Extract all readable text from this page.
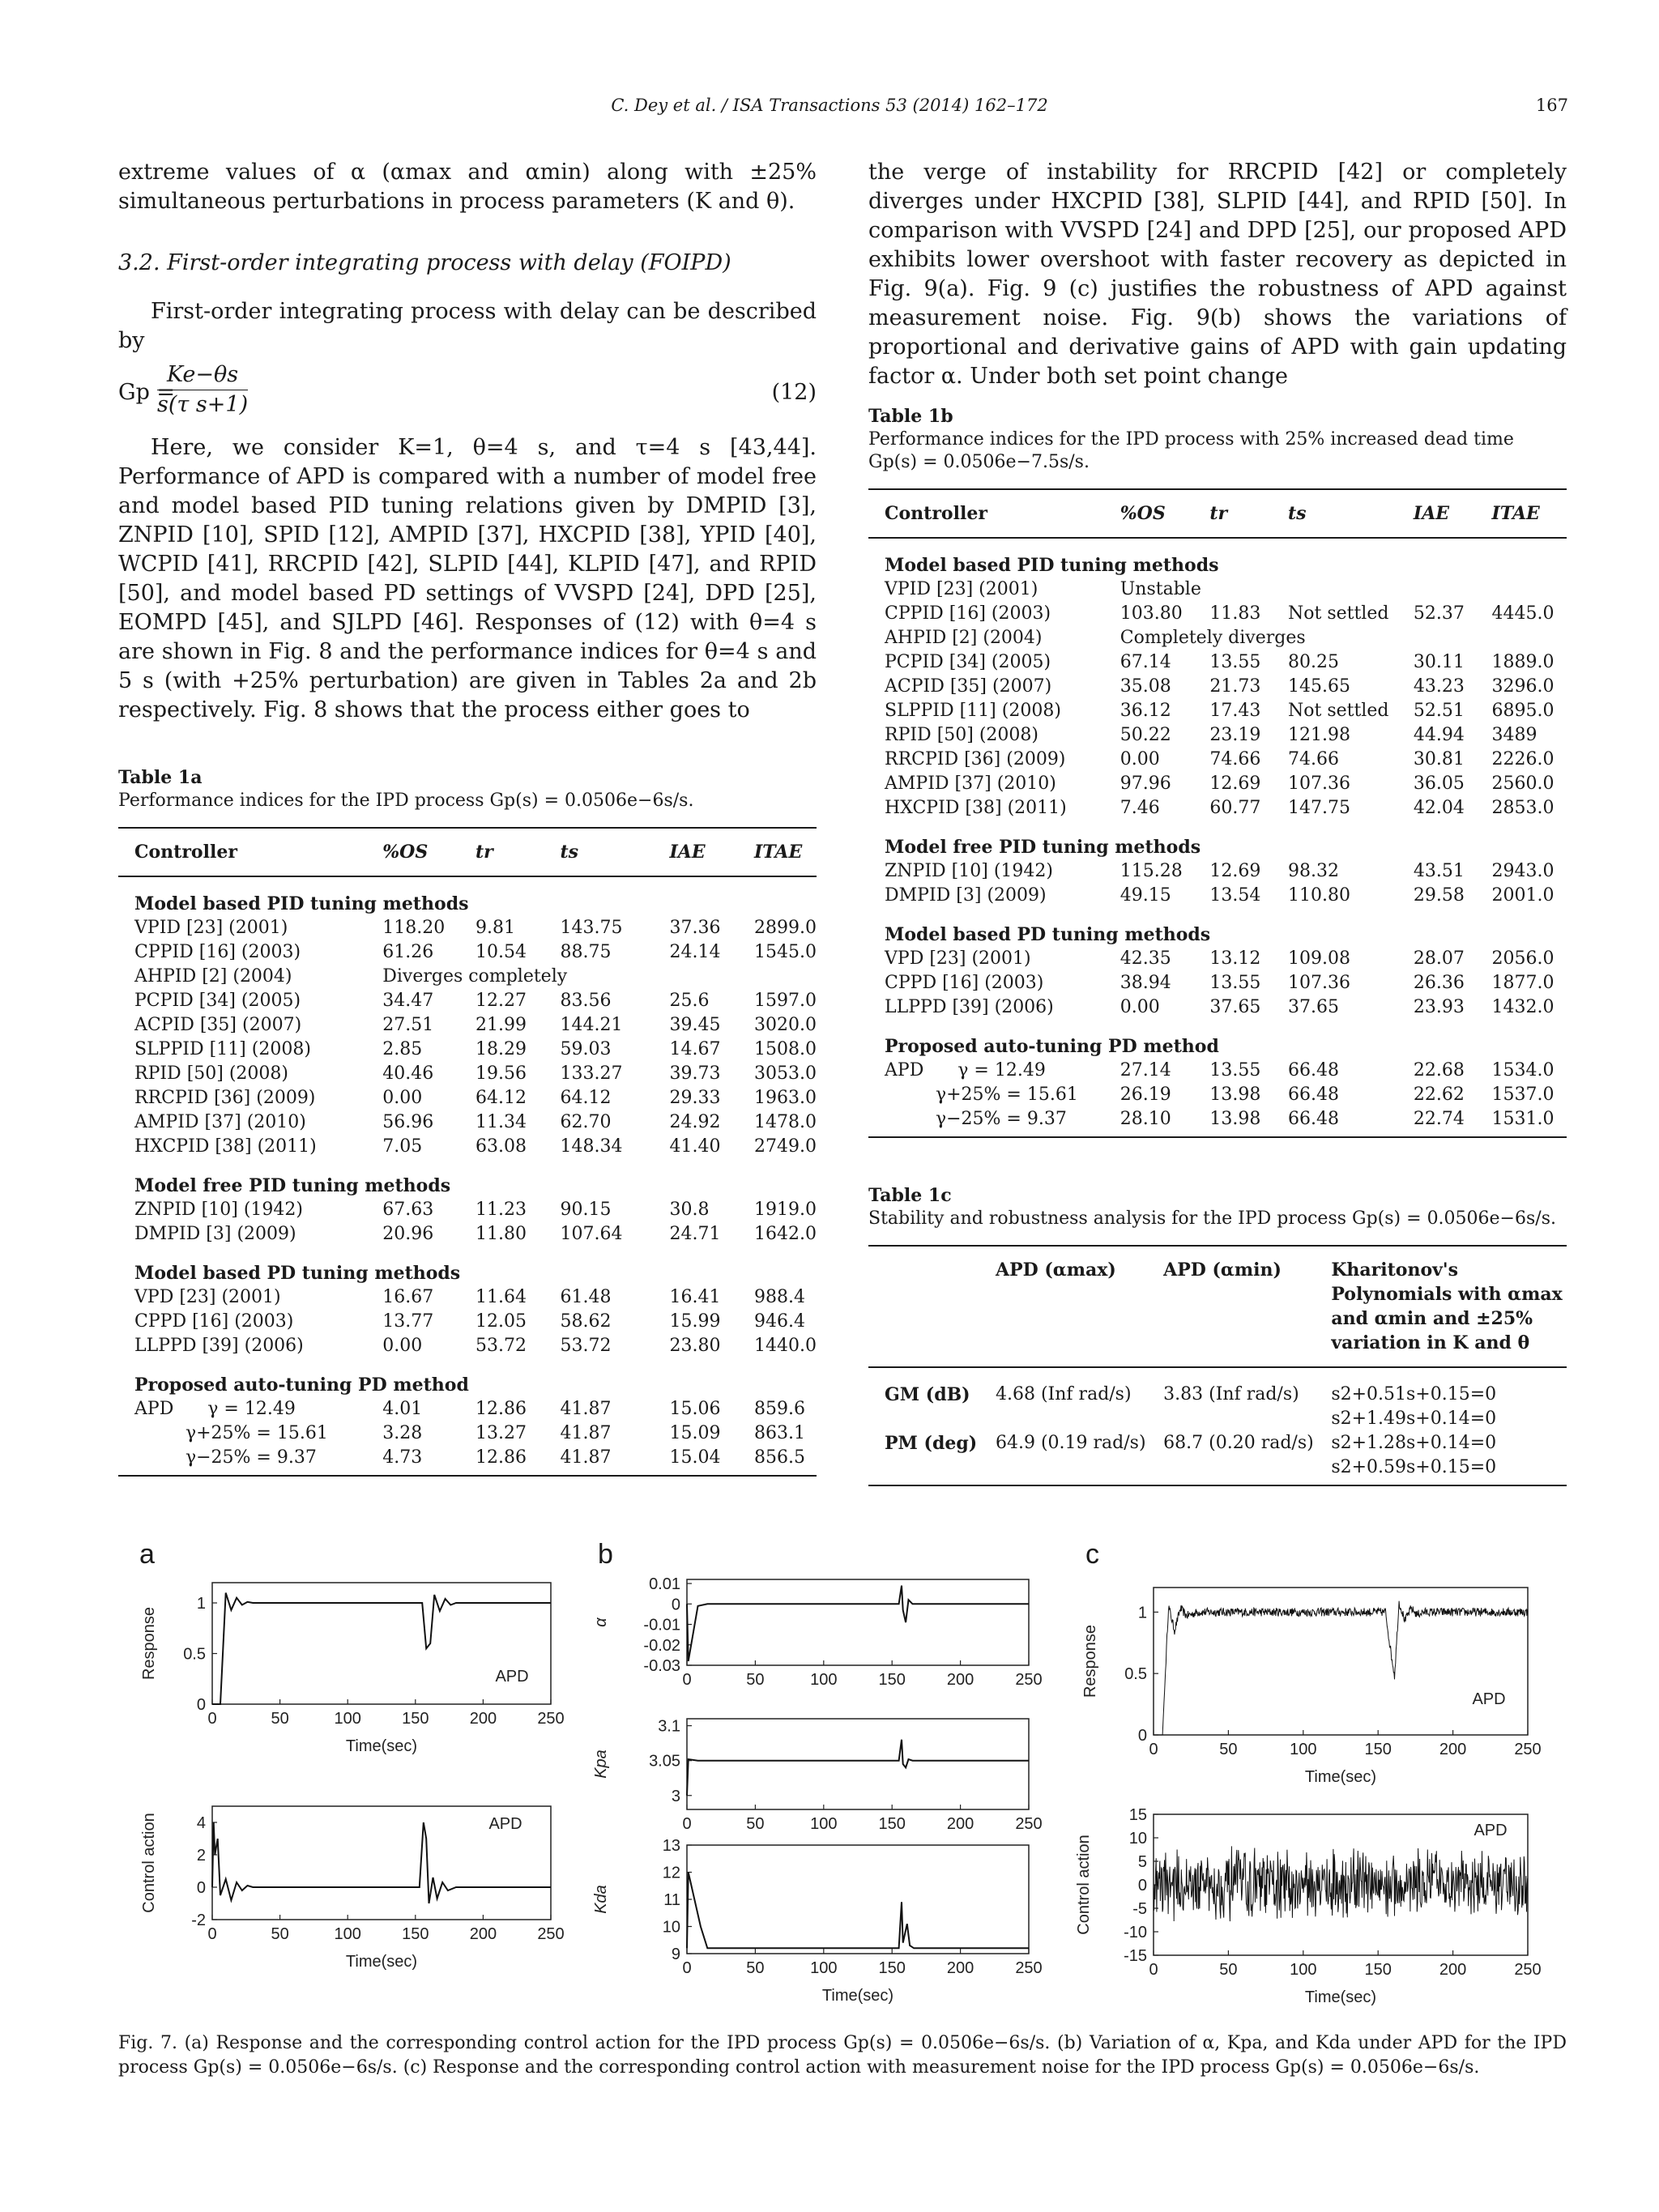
C. Dey et al. / ISA Transactions 53 (2014) 162–172	167

extreme values of α (αmax and αmin) along with ±25% simultaneous perturbations in process parameters (K and θ).

3.2. First-order integrating process with delay (FOIPD)

First-order integrating process with delay can be described by

Gp =
$\frac{Ke-\theta s}{\text{s(τ s+1)}}$	(12)

Here, we consider K=1, θ=4 s, and τ=4 s [43,44]. Performance of APD is compared with a number of model free and model based PID tuning relations given by DMPID [3], ZNPID [10], SPID [12], AMPID [37], HXCPID [38], YPID [40], WCPID [41], RRCPID [42], SLPID [44], KLPID [47], and RPID [50], and model based PD settings of VVSPD [24], DPD [25], EOMPD [45], and SJLPD [46]. Responses of (12) with θ=4 s are shown in Fig. 8 and the performance indices for θ=4 s and 5 s (with +25% perturbation) are given in Tables 2a and 2b respectively. Fig. 8 shows that the process either goes to

the verge of instability for RRCPID [42] or completely diverges under HXCPID [38], SLPID [44], and RPID [50]. In comparison with VVSPD [24] and DPD [25], our proposed APD exhibits lower overshoot with faster recovery as depicted in Fig. 9(a). Fig. 9 (c) justifies the robustness of APD against measurement noise. Fig. 9(b) shows the variations of proportional and derivative gains of APD with gain updating factor α. Under both set point change

Table 1a
Performance indices for the IPD process Gp(s) = 0.0506e−6s/s.
Controller	%OS	tr	ts	IAE	ITAE
Model based PID tuning methods					
VPID [23] (2001)	118.20	9.81	143.75	37.36	2899.0
CPPID [16] (2003)	61.26	10.54	88.75	24.14	1545.0
AHPID [2] (2004)	Diverges completely				
PCPID [34] (2005)	34.47	12.27	83.56	25.6	1597.0
ACPID [35] (2007)	27.51	21.99	144.21	39.45	3020.0
SLPPID [11] (2008)	2.85	18.29	59.03	14.67	1508.0
RPID [50] (2008)	40.46	19.56	133.27	39.73	3053.0
RRCPID [36] (2009)	0.00	64.12	64.12	29.33	1963.0
AMPID [37] (2010)	56.96	11.34	62.70	24.92	1478.0
HXCPID [38] (2011)	7.05	63.08	148.34	41.40	2749.0
Model free PID tuning methods					
ZNPID [10] (1942)	67.63	11.23	90.15	30.8	1919.0
DMPID [3] (2009)	20.96	11.80	107.64	24.71	1642.0
Model based PD tuning methods					
VPD [23] (2001)	16.67	11.64	61.48	16.41	988.4
CPPD [16] (2003)	13.77	12.05	58.62	15.99	946.4
LLPPD [39] (2006)	0.00	53.72	53.72	23.80	1440.0
Proposed auto-tuning PD method					
APD      γ = 12.49	4.01	12.86	41.87	15.06	859.6
γ+25% = 15.61	3.28	13.27	41.87	15.09	863.1
γ−25% = 9.37	4.73	12.86	41.87	15.04	856.5
Table 1b
Performance indices for the IPD process with 25% increased dead time Gp(s) = 0.0506e−7.5s/s.
Controller	%OS	tr	ts	IAE	ITAE
Model based PID tuning methods					
VPID [23] (2001)	Unstable				
CPPID [16] (2003)	103.80	11.83	Not settled	52.37	4445.0
AHPID [2] (2004)	Completely diverges				
PCPID [34] (2005)	67.14	13.55	80.25	30.11	1889.0
ACPID [35] (2007)	35.08	21.73	145.65	43.23	3296.0
SLPPID [11] (2008)	36.12	17.43	Not settled	52.51	6895.0
RPID [50] (2008)	50.22	23.19	121.98	44.94	3489
RRCPID [36] (2009)	0.00	74.66	74.66	30.81	2226.0
AMPID [37] (2010)	97.96	12.69	107.36	36.05	2560.0
HXCPID [38] (2011)	7.46	60.77	147.75	42.04	2853.0
Model free PID tuning methods					
ZNPID [10] (1942)	115.28	12.69	98.32	43.51	2943.0
DMPID [3] (2009)	49.15	13.54	110.80	29.58	2001.0
Model based PD tuning methods					
VPD [23] (2001)	42.35	13.12	109.08	28.07	2056.0
CPPD [16] (2003)	38.94	13.55	107.36	26.36	1877.0
LLPPD [39] (2006)	0.00	37.65	37.65	23.93	1432.0
Proposed auto-tuning PD method					
APD      γ = 12.49	27.14	13.55	66.48	22.68	1534.0
γ+25% = 15.61	26.19	13.98	66.48	22.62	1537.0
γ−25% = 9.37	28.10	13.98	66.48	22.74	1531.0
Table 1c
Stability and robustness analysis for the IPD process Gp(s) = 0.0506e−6s/s.
	APD (αmax)	APD (αmin)	Kharitonov's Polynomials with αmax and αmin and ±25% variation in K and θ
GM (dB)	4.68 (Inf rad/s)	3.83 (Inf rad/s)	s2+0.51s+0.15=0
			s2+1.49s+0.14=0
PM (deg)	64.9 (0.19 rad/s)	68.7 (0.20 rad/s)	s2+1.28s+0.14=0
			s2+0.59s+0.15=0
a	b	c
0	50	100	150	200	250
0
0.5
1
Response
Time(sec)
APD
0	50	100	150	200	250
-2
0
2
4
Control action
Time(sec)
APD
0	50	100	150	200	250
0.01
0
-0.01
-0.02
-0.03
α
0	50	100	150	200	250
3
3.05
3.1
Kpa
0	50	100	150	200	250
9
10
11
12
13
Kda
Time(sec)
0	50	100	150	200	250
0
0.5
1
Response
Time(sec)
APD
0	50	100	150	200	250
-15
-10
-5
0
5
10
15
Control action
Time(sec)
APD
Fig. 7. (a) Response and the corresponding control action for the IPD process Gp(s) = 0.0506e−6s/s. (b) Variation of α, Kpa, and Kda under APD for the IPD process Gp(s) = 0.0506e−6s/s. (c) Response and the corresponding control action with measurement noise for the IPD process Gp(s) = 0.0506e−6s/s.
